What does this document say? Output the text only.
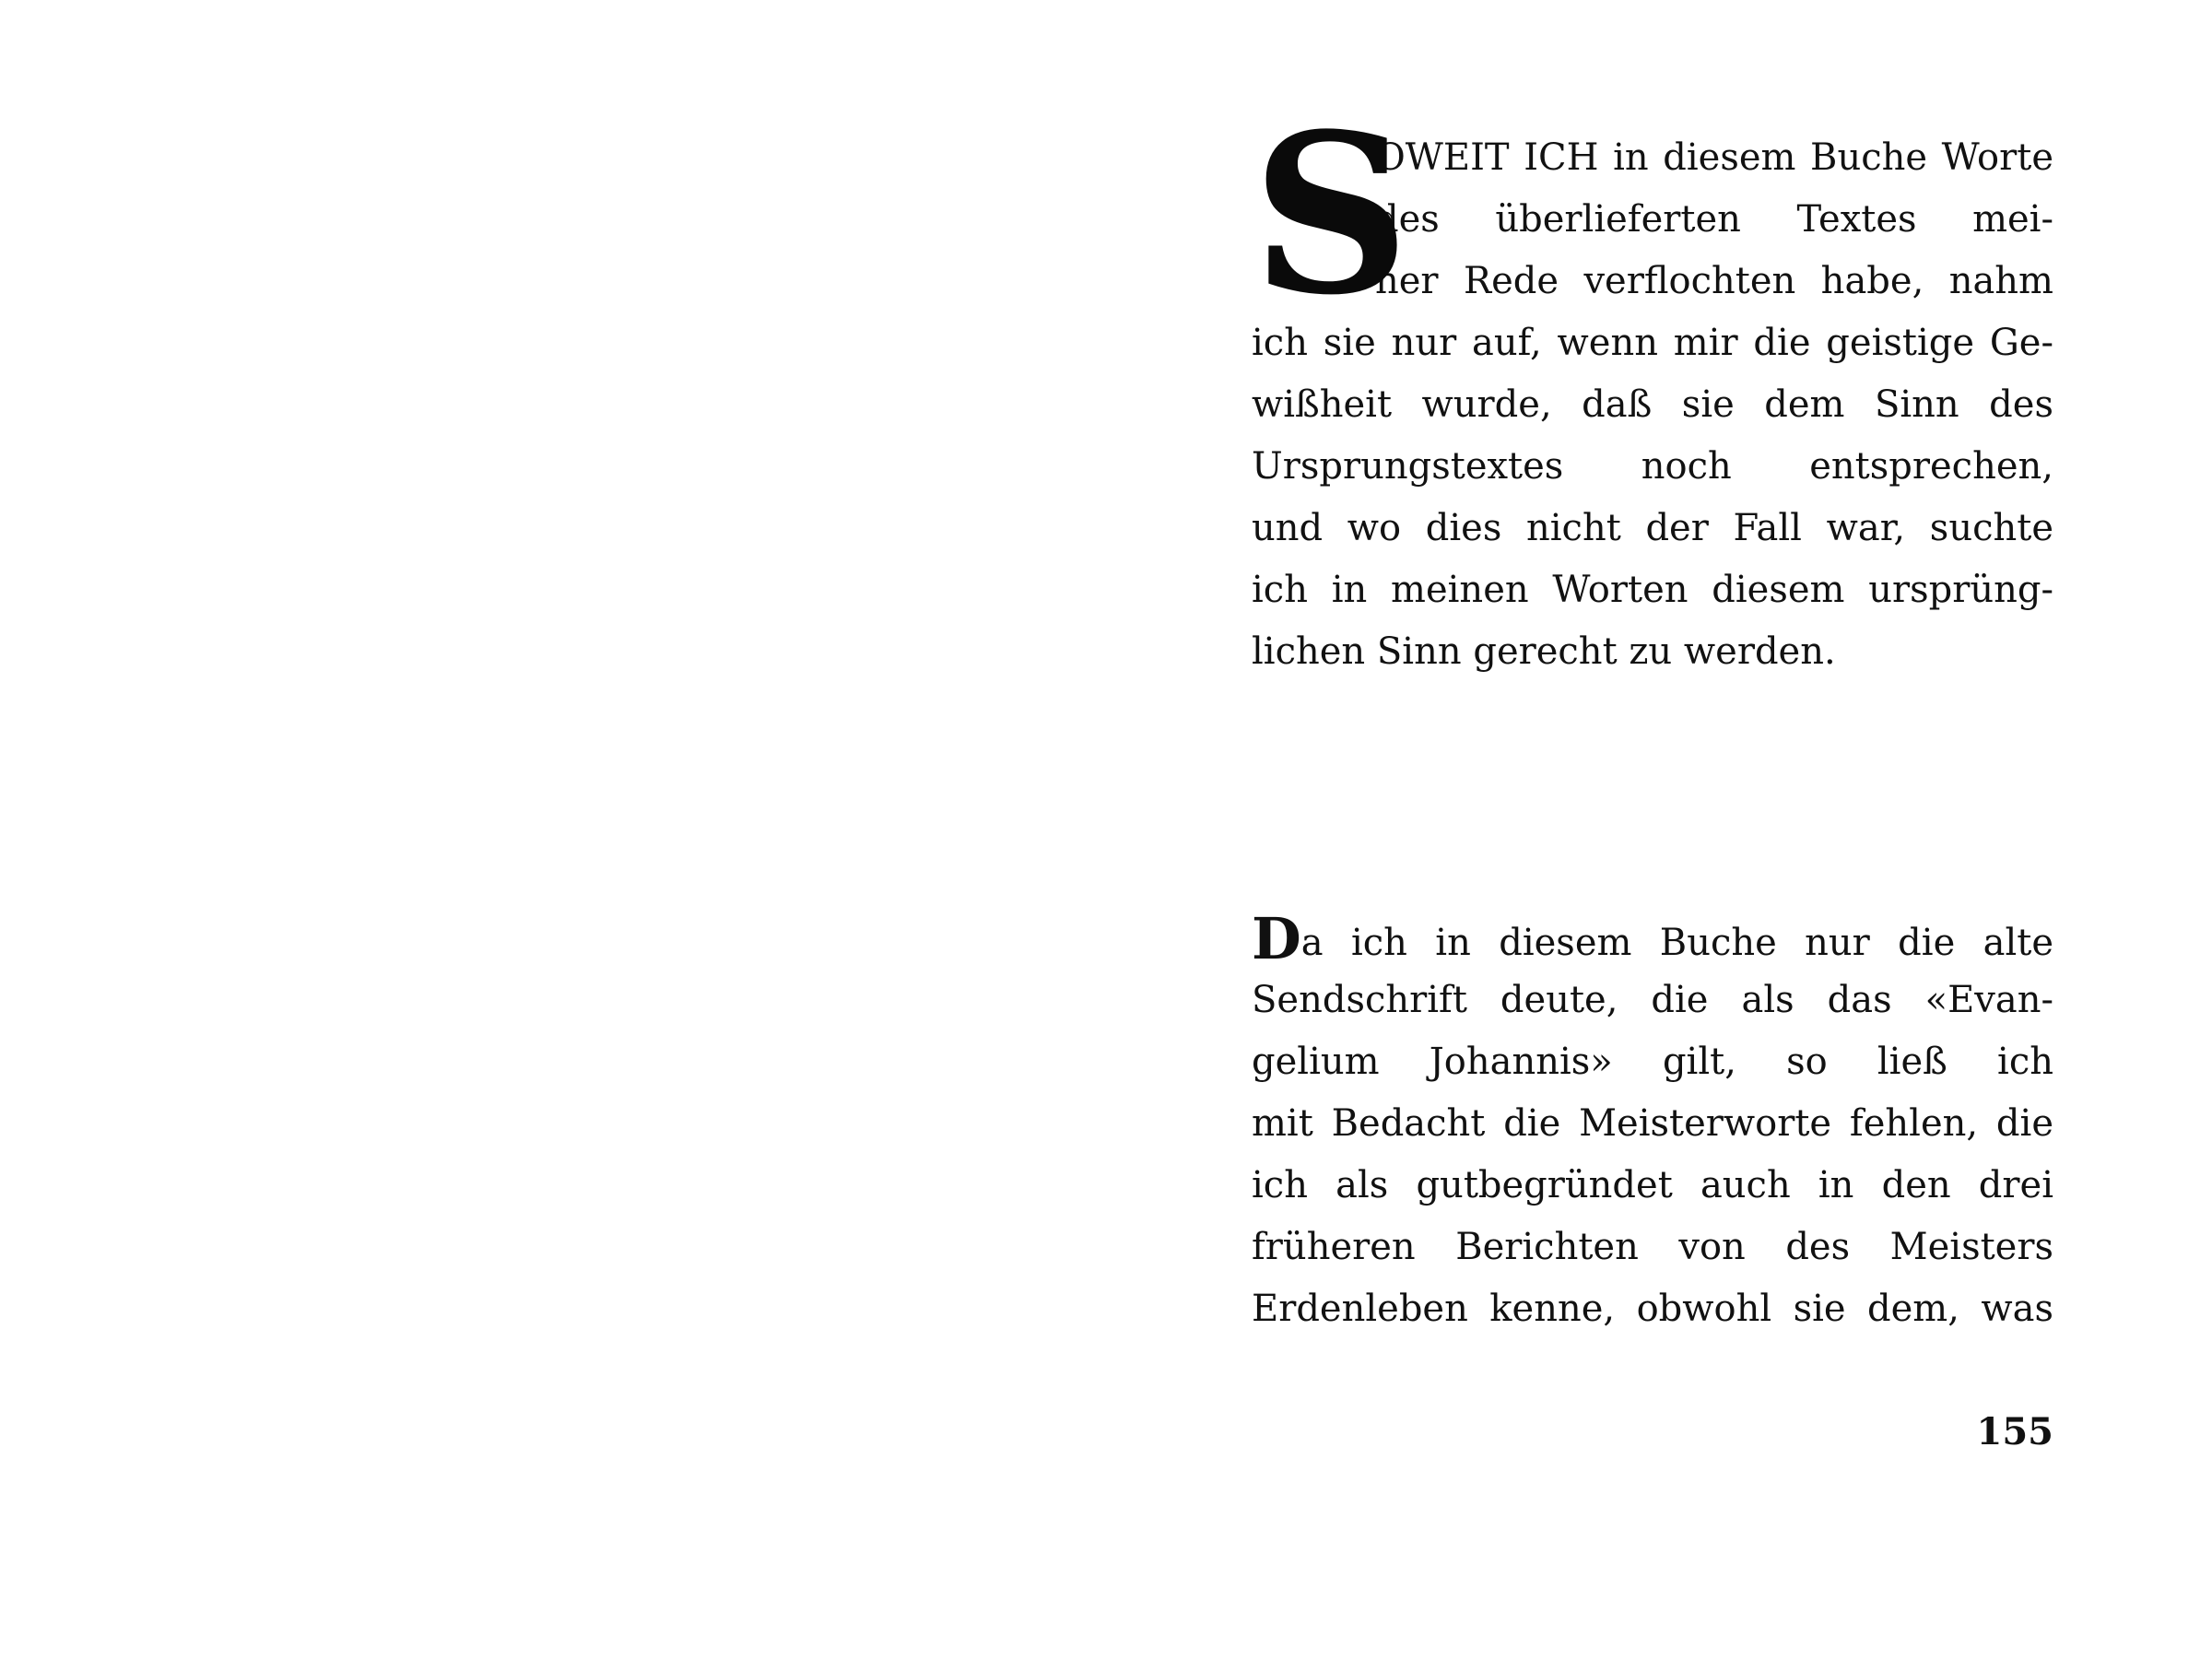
S
OWEIT ICH in diesem Buche Worte
des überlieferten Textes mei-
ner Rede verflochten habe, nahm
ich sie nur auf, wenn mir die geistige Ge-
wißheit wurde, daß sie dem Sinn des
Ursprungstextes noch entsprechen,
und wo dies nicht der Fall war, suchte
ich in meinen Worten diesem ursprüng-
lichen Sinn gerecht zu werden.
Da ich in diesem Buche nur die alte
Sendschrift deute, die als das «Evan-
gelium Johannis» gilt, so ließ ich
mit Bedacht die Meisterworte fehlen, die
ich als gutbegründet auch in den drei
früheren Berichten von des Meisters
Erdenleben kenne, obwohl sie dem, was
155
